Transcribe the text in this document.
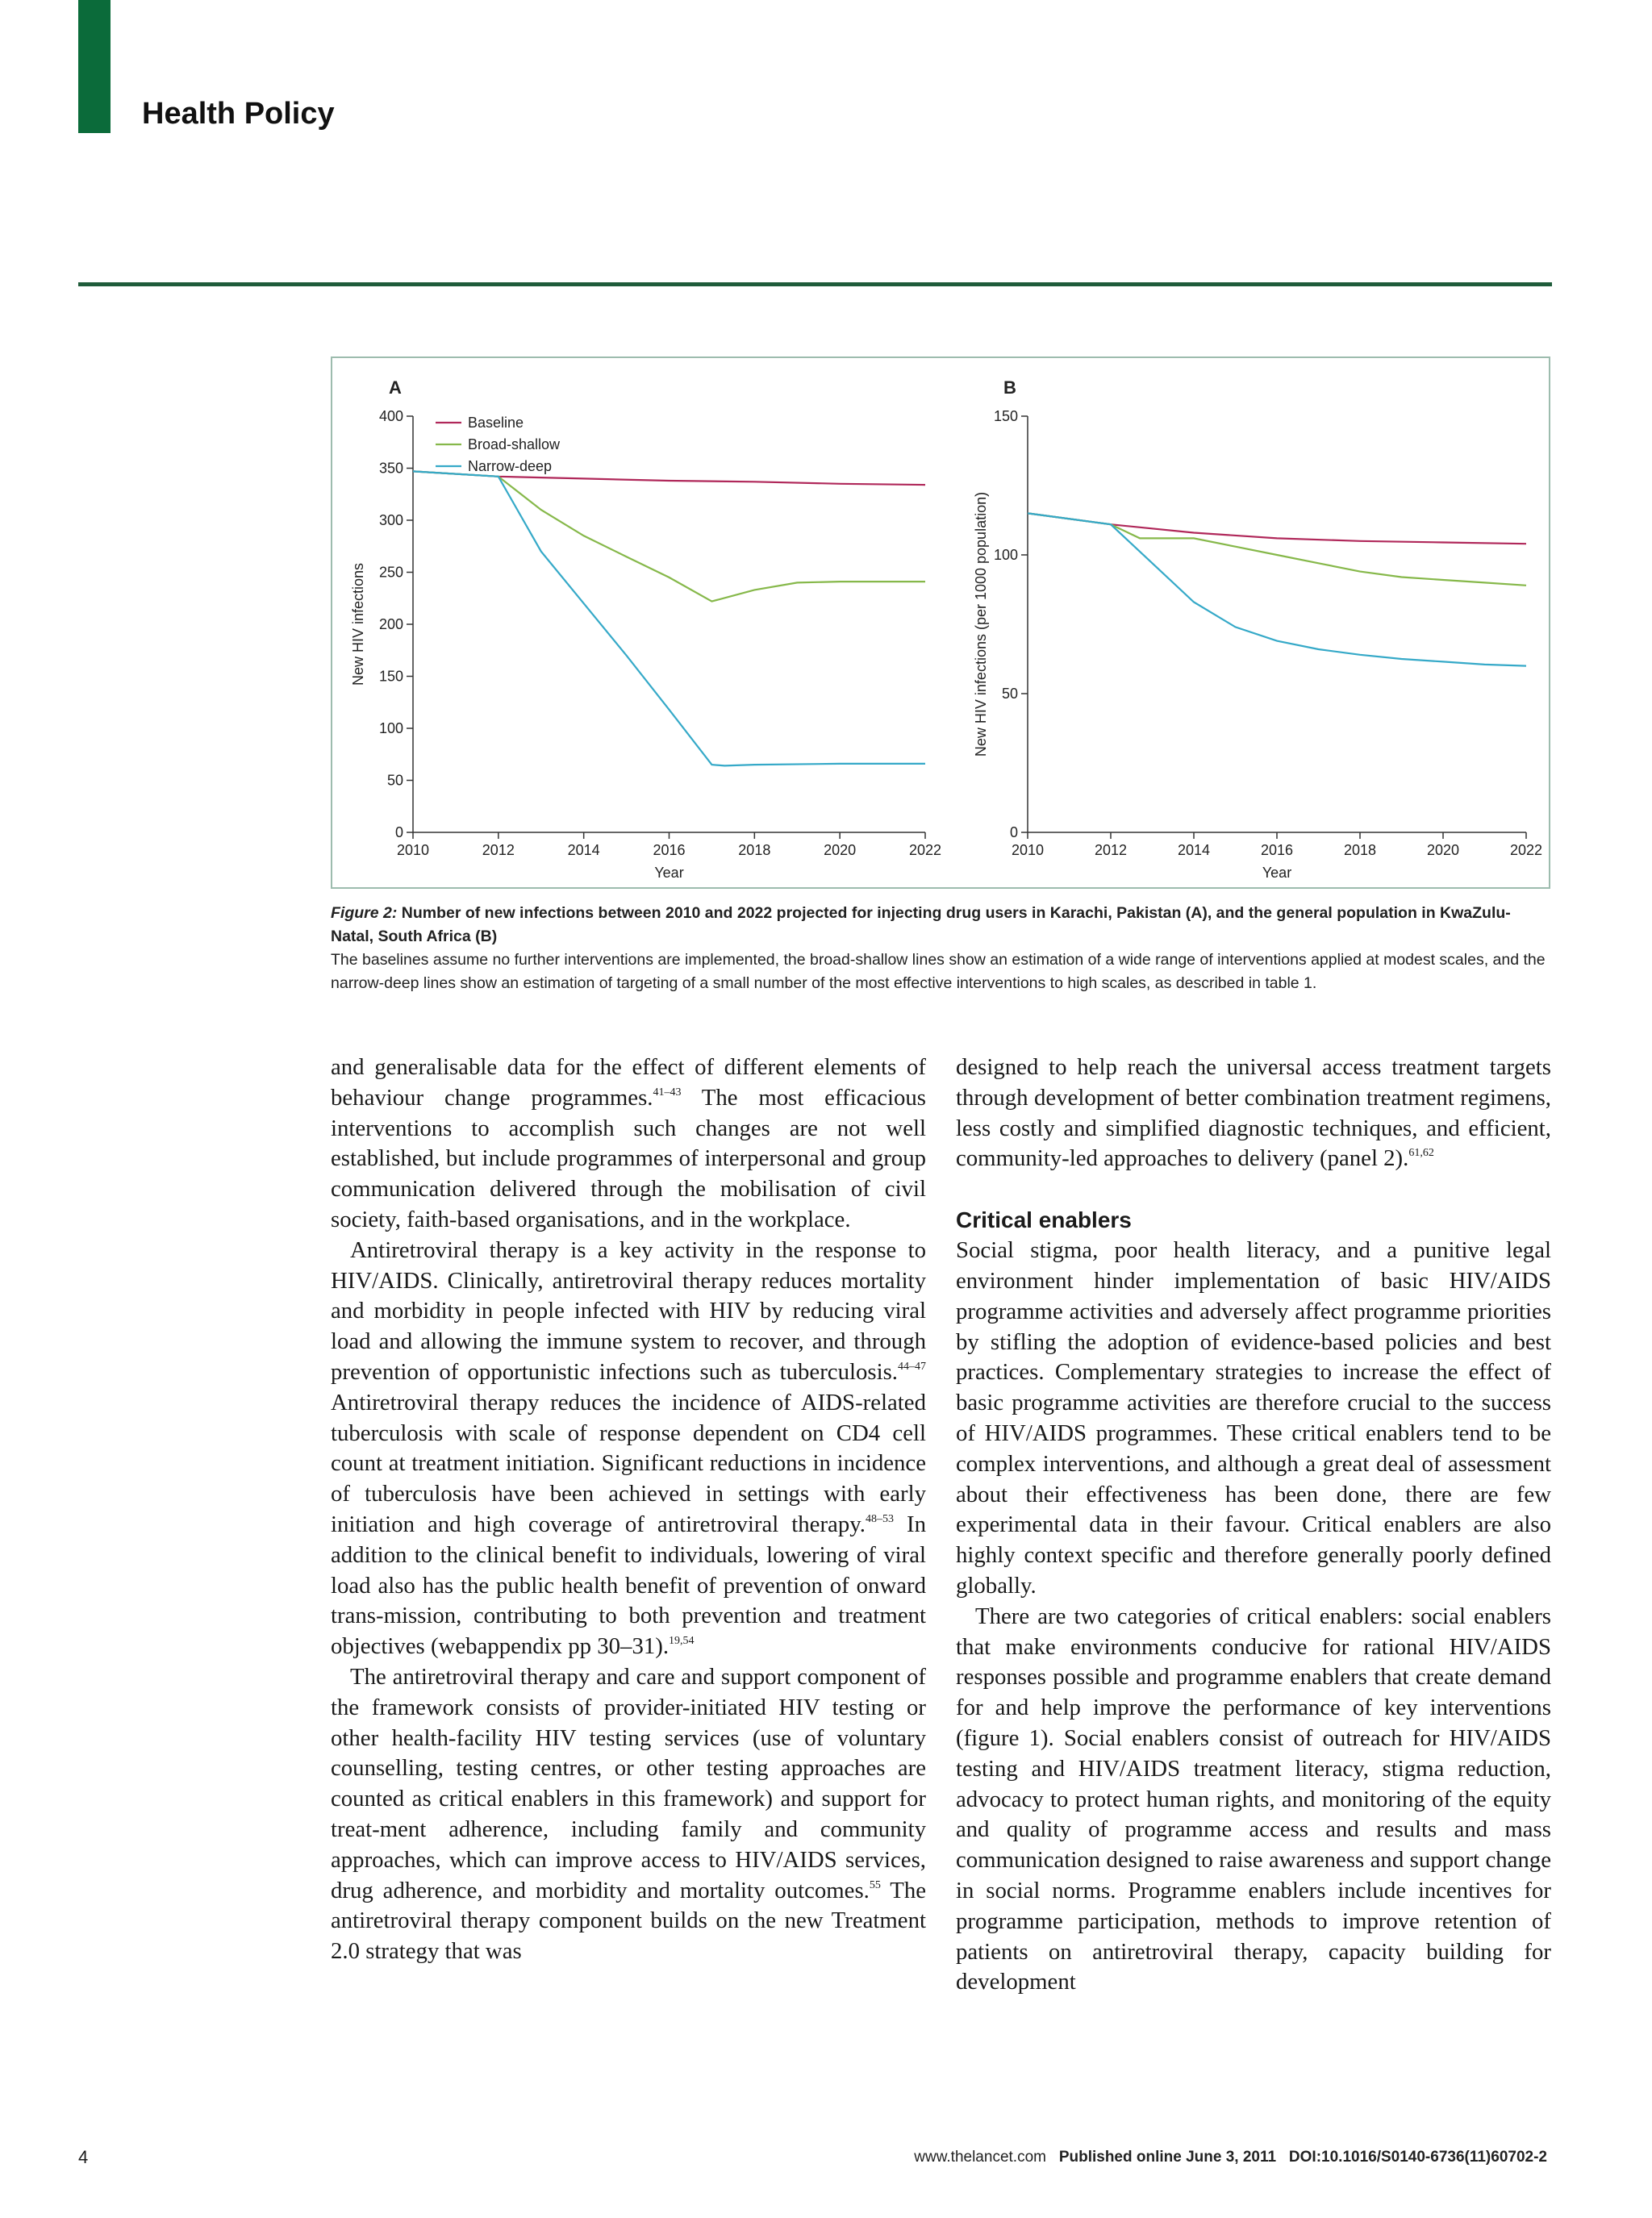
Health Policy
A
0
50
100
150
200
250
300
350
400
2010	2012	2014	2016	2018	2020	2022
Year
New HIV infections
Baseline
Broad-shallow
Narrow-deep
B
0
50
100
150
2010	2012	2014	2016	2018	2020	2022
Year
New HIV infections (per 1000 population)

Figure 2: Number of new infections between 2010 and 2022 projected for injecting drug users in Karachi, Pakistan (A), and the general population in KwaZulu-Natal, South Africa (B)

The baselines assume no further interventions are implemented, the broad-shallow lines show an estimation of a wide range of interventions applied at modest scales, and the narrow-deep lines show an estimation of targeting of a small number of the most effective interventions to high scales, as described in table 1.

and generalisable data for the effect of different elements of behaviour change programmes.$^{41-43}$ The most efficacious interventions to accomplish such changes are not well established, but include programmes of interpersonal and group communication delivered through the mobilisation of civil society, faith-based organisations, and in the workplace.

Antiretroviral therapy is a key activity in the response to HIV/AIDS. Clinically, antiretroviral therapy reduces mortality and morbidity in people infected with HIV by reducing viral load and allowing the immune system to recover, and through prevention of opportunistic infections such as tuberculosis.$^{44-47}$ Antiretroviral therapy reduces the incidence of AIDS-related tuberculosis with scale of response dependent on CD4 cell count at treatment initiation. Significant reductions in incidence of tuberculosis have been achieved in settings with early initiation and high coverage of antiretroviral therapy.$^{48-53}$ In addition to the clinical benefit to individuals, lowering of viral load also has the public health benefit of prevention of onward trans-mission, contributing to both prevention and treatment objectives (webappendix pp 30–31).$^{19,54}$

The antiretroviral therapy and care and support component of the framework consists of provider-initiated HIV testing or other health-facility HIV testing services (use of voluntary counselling, testing centres, or other testing approaches are counted as critical enablers in this framework) and support for treat-ment adherence, including family and community approaches, which can improve access to HIV/AIDS services, drug adherence, and morbidity and mortality outcomes.$^{55}$ The antiretroviral therapy component builds on the new Treatment 2.0 strategy that was

designed to help reach the universal access treatment targets through development of better combination treatment regimens, less costly and simplified diagnostic techniques, and efficient, community-led approaches to delivery (panel 2).$^{61,62}$

Critical enablers

Social stigma, poor health literacy, and a punitive legal environment hinder implementation of basic HIV/AIDS programme activities and adversely affect programme priorities by stifling the adoption of evidence-based policies and best practices. Complementary strategies to increase the effect of basic programme activities are therefore crucial to the success of HIV/AIDS programmes. These critical enablers tend to be complex interventions, and although a great deal of assessment about their effectiveness has been done, there are few experimental data in their favour. Critical enablers are also highly context specific and therefore generally poorly defined globally.

There are two categories of critical enablers: social enablers that make environments conducive for rational HIV/AIDS responses possible and programme enablers that create demand for and help improve the performance of key interventions (figure 1). Social enablers consist of outreach for HIV/AIDS testing and HIV/AIDS treatment literacy, stigma reduction, advocacy to protect human rights, and monitoring of the equity and quality of programme access and results and mass communication designed to raise awareness and support change in social norms. Programme enablers include incentives for programme participation, methods to improve retention of patients on antiretroviral therapy, capacity building for development

4	www.thelancet.com Published online June 3, 2011 DOI:10.1016/S0140-6736(11)60702-2
